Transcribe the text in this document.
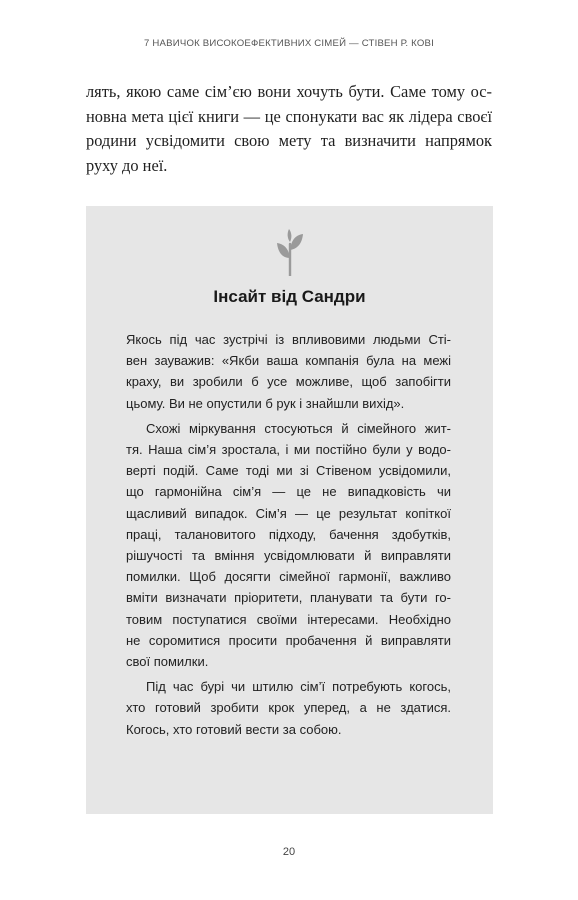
7 НАВИЧОК ВИСОКОЕФЕКТИВНИХ СІМЕЙ — СТІВЕН Р. КОВІ
лять, якою саме сім’єю вони хочуть бути. Саме тому ос-
новна мета цієї книги — це спонукати вас як лідера своєї
родини усвідомити свою мету та визначити напрямок
руху до неї.
Інсайт від Сандри
Якось під час зустрічі із впливовими людьми Сті-
вен зауважив: «Якби ваша компанія була на межі
краху, ви зробили б усе можливе, щоб запобігти
цьому. Ви не опустили б рук і знайшли вихід».
Схожі міркування стосуються й сімейного жит-
тя. Наша сім’я зростала, і ми постійно були у водо-
верті подій. Саме тоді ми зі Стівеном усвідомили,
що гармонійна сім’я — це не випадковість чи
щасливий випадок. Сім’я — це результат копіткої
праці, талановитого підходу, бачення здобутків,
рішучості та вміння усвідомлювати й виправляти
помилки. Щоб досягти сімейної гармонії, важливо
вміти визначати пріоритети, планувати та бути го-
товим поступатися своїми інтересами. Необхідно
не соромитися просити пробачення й виправляти
свої помилки.
Під час бурі чи штилю сім’ї потребують когось,
хто готовий зробити крок уперед, а не здатися.
Когось, хто готовий вести за собою.
20
